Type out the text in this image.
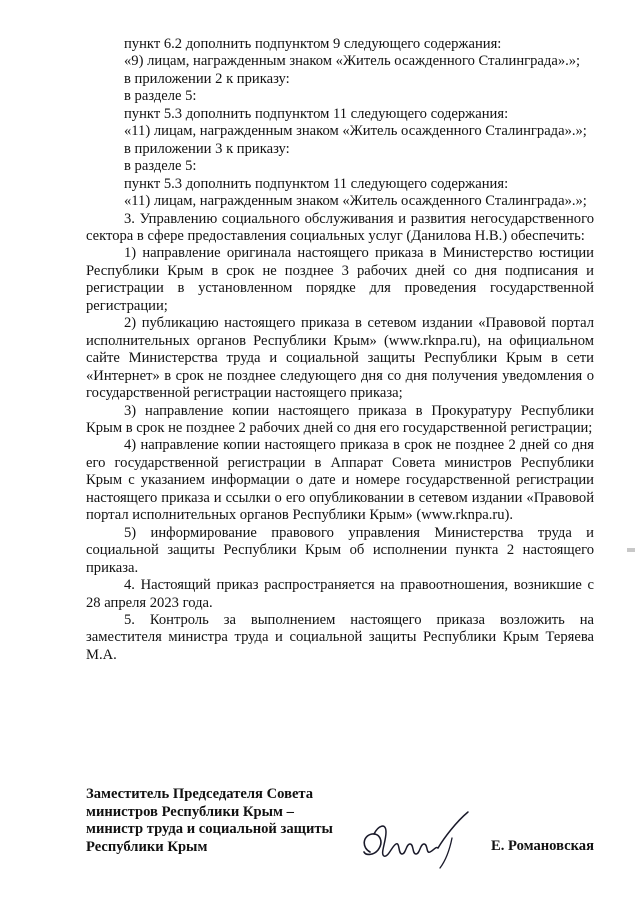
пункт 6.2 дополнить подпунктом 9 следующего содержания:

«9) лицам, награжденным знаком «Житель осажденного Сталинграда».»;

в приложении 2 к приказу:

в разделе 5:

пункт 5.3 дополнить подпунктом 11 следующего содержания:

«11) лицам, награжденным знаком «Житель осажденного Сталинграда».»;

в приложении 3 к приказу:

в разделе 5:

пункт 5.3 дополнить подпунктом 11 следующего содержания:

«11) лицам, награжденным знаком «Житель осажденного Сталинграда».»;

3. Управлению социального обслуживания и развития негосударственного сектора в сфере предоставления социальных услуг (Данилова Н.В.) обеспечить:

1) направление оригинала настоящего приказа в Министерство юстиции Республики Крым в срок не позднее 3 рабочих дней со дня подписания и регистрации в установленном порядке для проведения государственной регистрации;

2) публикацию настоящего приказа в сетевом издании «Правовой портал исполнительных органов Республики Крым» (www.rknpa.ru), на официальном сайте Министерства труда и социальной защиты Республики Крым в сети «Интернет» в срок не позднее следующего дня со дня получения уведомления о государственной регистрации настоящего приказа;

3) направление копии настоящего приказа в Прокуратуру Республики Крым в срок не позднее 2 рабочих дней со дня его государственной регистрации;

4) направление копии настоящего приказа в срок не позднее 2 дней со дня его государственной регистрации в Аппарат Совета министров Республики Крым с указанием информации о дате и номере государственной регистрации настоящего приказа и ссылки о его опубликовании в сетевом издании «Правовой портал исполнительных органов Республики Крым» (www.rknpa.ru).

5) информирование правового управления Министерства труда и социальной защиты Республики Крым об исполнении пункта 2 настоящего приказа.

4. Настоящий приказ распространяется на правоотношения, возникшие с 28 апреля 2023 года.

5. Контроль за выполнением настоящего приказа возложить на заместителя министра труда и социальной защиты Республики Крым Теряева М.А.

Заместитель Председателя Совета

министров Республики Крым –

министр труда и социальной защиты

Республики Крым	Е. Романовская
